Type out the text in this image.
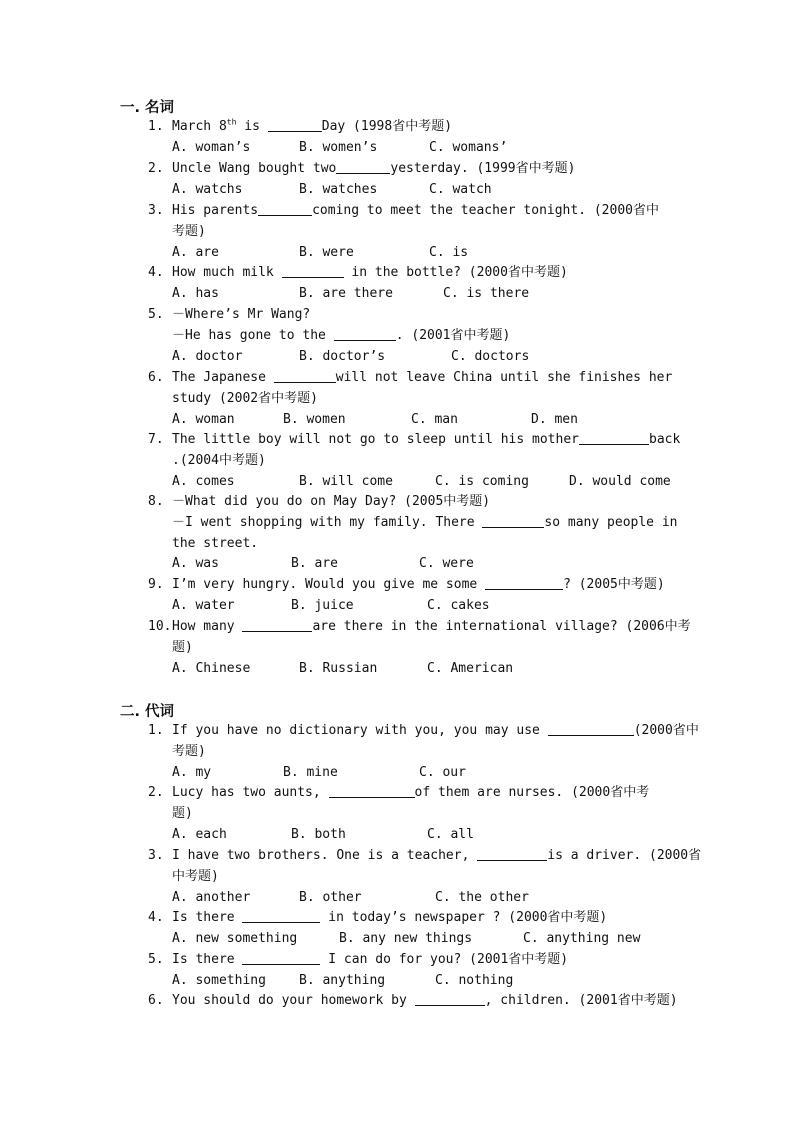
一. 名词
1. March 8th is	Day (1998省中考题)
A. woman’s	B. women’s	C. womans’
2. Uncle Wang bought two	yesterday. (1999省中考题)
A. watchs	B. watches	C. watch
3. His parents	coming to meet the teacher tonight. (2000省中
考题)
A. are	B. were	C. is
4. How much milk	in the bottle? (2000省中考题)
A. has	B. are there	C. is there
5. －Where’s Mr Wang?
－He has gone to the	. (2001省中考题)
A. doctor	B. doctor’s	C. doctors
6. The Japanese	will not leave China until she finishes her
study (2002省中考题)
A. woman	B. women	C. man	D. men
7. The little boy will not go to sleep until his mother	back
.(2004中考题)
A. comes	B. will come	C. is coming	D. would come
8. －What did you do on May Day? (2005中考题)
－I went shopping with my family. There	so many people in
the street.
A. was	B. are	C. were
9. I’m very hungry. Would you give me some	? (2005中考题)
A. water	B. juice	C. cakes
10.How many	are there in the international village? (2006中考
题)
A. Chinese	B. Russian	C. American
二. 代词
1. If you have no dictionary with you, you may use	(2000省中
考题)
A. my	B. mine	C. our
2. Lucy has two aunts,	of them are nurses. (2000省中考
题)
A. each	B. both	C. all
3. I have two brothers. One is a teacher,	is a driver. (2000省
中考题)
A. another	B. other	C. the other
4. Is there	in today’s newspaper ? (2000省中考题)
A. new something	B. any new things	C. anything new
5. Is there	I can do for you? (2001省中考题)
A. something	B. anything	C. nothing
6. You should do your homework by	, children. (2001省中考题)
